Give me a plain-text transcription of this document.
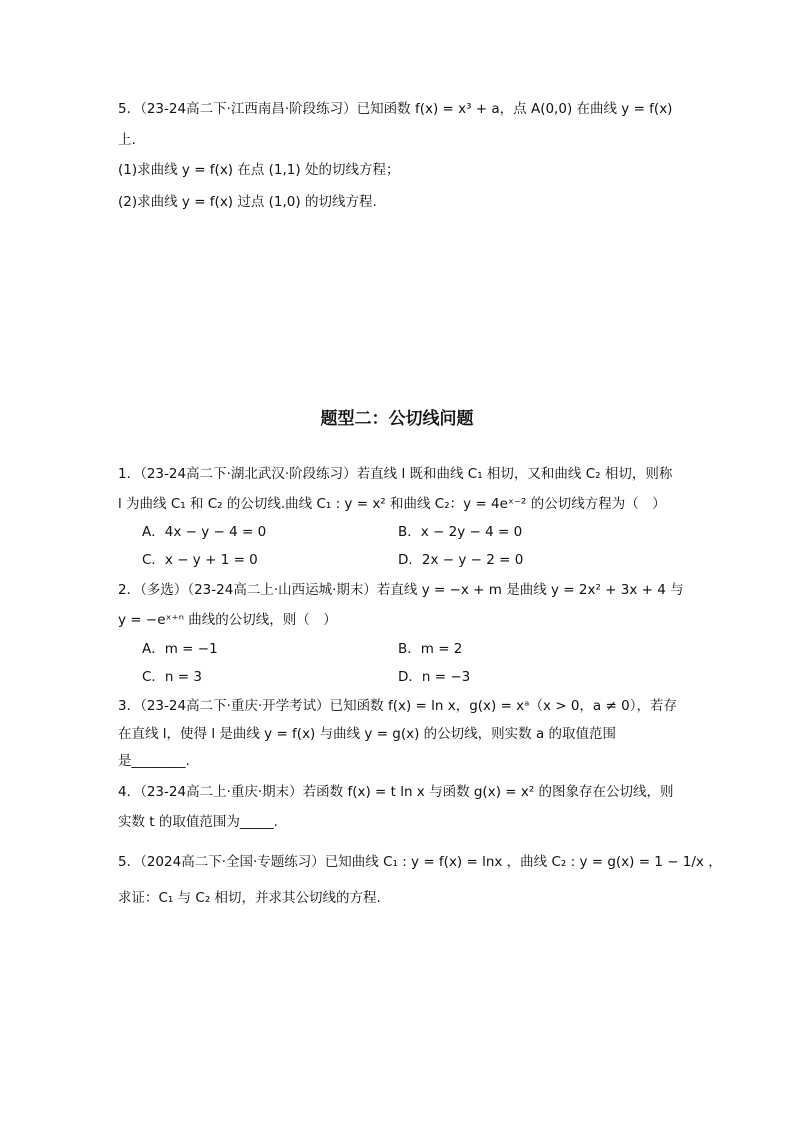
5．（23-24高二下·江西南昌·阶段练习）已知函数 f(x) = x³ + a，点 A(0,0) 在曲线 y = f(x)
上.
(1)求曲线 y = f(x) 在点 (1,1) 处的切线方程；
(2)求曲线 y = f(x) 过点 (1,0) 的切线方程.
题型二：公切线问题
1．（23-24高二下·湖北武汉·阶段练习）若直线 l 既和曲线 C₁ 相切，又和曲线 C₂ 相切，则称
l 为曲线 C₁ 和 C₂ 的公切线.曲线 C₁ : y = x² 和曲线 C₂：y = 4eˣ⁻² 的公切线方程为（　）
A．4x − y − 4 = 0	B．x − 2y − 4 = 0
C．x − y + 1 = 0	D．2x − y − 2 = 0
2．（多选）（23-24高二上·山西运城·期末）若直线 y = −x + m 是曲线 y = 2x² + 3x + 4 与
y = −eˣ⁺ⁿ 曲线的公切线，则（　）
A．m = −1	B．m = 2
C．n = 3	D．n = −3
3．（23-24高二下·重庆·开学考试）已知函数 f(x) = ln x，g(x) = xᵃ（x > 0，a ≠ 0），若存
在直线 l，使得 l 是曲线 y = f(x) 与曲线 y = g(x) 的公切线，则实数 a 的取值范围
是________.
4．（23-24高二上·重庆·期末）若函数 f(x) = t ln x 与函数 g(x) = x² 的图象存在公切线，则
实数 t 的取值范围为_____.
5．（2024高二下·全国·专题练习）已知曲线 C₁ : y = f(x) = lnx ，曲线 C₂ : y = g(x) = 1 − 1/x ，
求证：C₁ 与 C₂ 相切，并求其公切线的方程.
